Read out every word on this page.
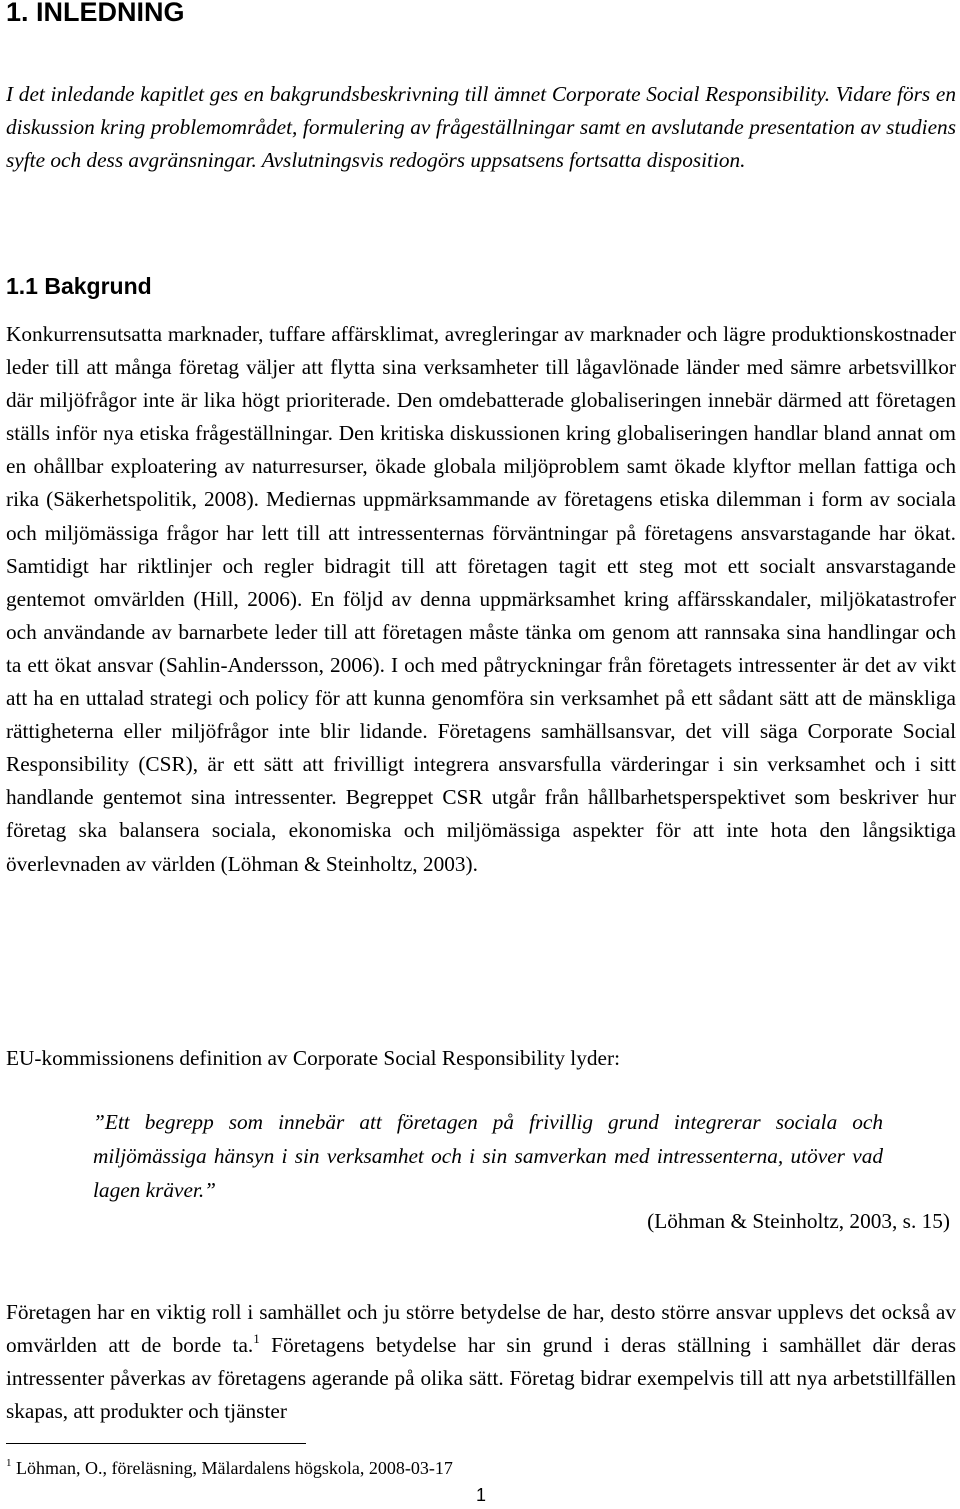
1. INLEDNING

I det inledande kapitlet ges en bakgrundsbeskrivning till ämnet Corporate Social Responsibility. Vidare förs en diskussion kring problemområdet, formulering av frågeställningar samt en avslutande presentation av studiens syfte och dess avgränsningar. Avslutningsvis redogörs uppsatsens fortsatta disposition.

1.1 Bakgrund

Konkurrensutsatta marknader, tuffare affärsklimat, avregleringar av marknader och lägre produktionskostnader leder till att många företag väljer att flytta sina verksamheter till lågavlönade länder med sämre arbetsvillkor där miljöfrågor inte är lika högt prioriterade. Den omdebatterade globaliseringen innebär därmed att företagen ställs inför nya etiska frågeställningar. Den kritiska diskussionen kring globaliseringen handlar bland annat om en ohållbar exploatering av naturresurser, ökade globala miljöproblem samt ökade klyftor mellan fattiga och rika (Säkerhetspolitik, 2008). Mediernas uppmärksammande av företagens etiska dilemman i form av sociala och miljömässiga frågor har lett till att intressenternas förväntningar på företagens ansvarstagande har ökat. Samtidigt har riktlinjer och regler bidragit till att företagen tagit ett steg mot ett socialt ansvarstagande gentemot omvärlden (Hill, 2006). En följd av denna uppmärksamhet kring affärsskandaler, miljökatastrofer och användande av barnarbete leder till att företagen måste tänka om genom att rannsaka sina handlingar och ta ett ökat ansvar (Sahlin-Andersson, 2006). I och med påtryckningar från företagets intressenter är det av vikt att ha en uttalad strategi och policy för att kunna genomföra sin verksamhet på ett sådant sätt att de mänskliga rättigheterna eller miljöfrågor inte blir lidande. Företagens samhällsansvar, det vill säga Corporate Social Responsibility (CSR), är ett sätt att frivilligt integrera ansvarsfulla värderingar i sin verksamhet och i sitt handlande gentemot sina intressenter. Begreppet CSR utgår från hållbarhetsperspektivet som beskriver hur företag ska balansera sociala, ekonomiska och miljömässiga aspekter för att inte hota den långsiktiga överlevnaden av världen (Löhman & Steinholtz, 2003).

EU-kommissionens definition av Corporate Social Responsibility lyder:

”Ett begrepp som innebär att företagen på frivillig grund integrerar sociala och miljömässiga hänsyn i sin verksamhet och i sin samverkan med intressenterna, utöver vad lagen kräver.”

(Löhman & Steinholtz, 2003, s. 15)

Företagen har en viktig roll i samhället och ju större betydelse de har, desto större ansvar upplevs det också av omvärlden att de borde ta.$^1$ Företagens betydelse har sin grund i deras ställning i samhället där deras intressenter påverkas av företagens agerande på olika sätt. Företag bidrar exempelvis till att nya arbetstillfällen skapas, att produkter och tjänster

$^1$ Löhman, O., föreläsning, Mälardalens högskola, 2008-03-17

1
